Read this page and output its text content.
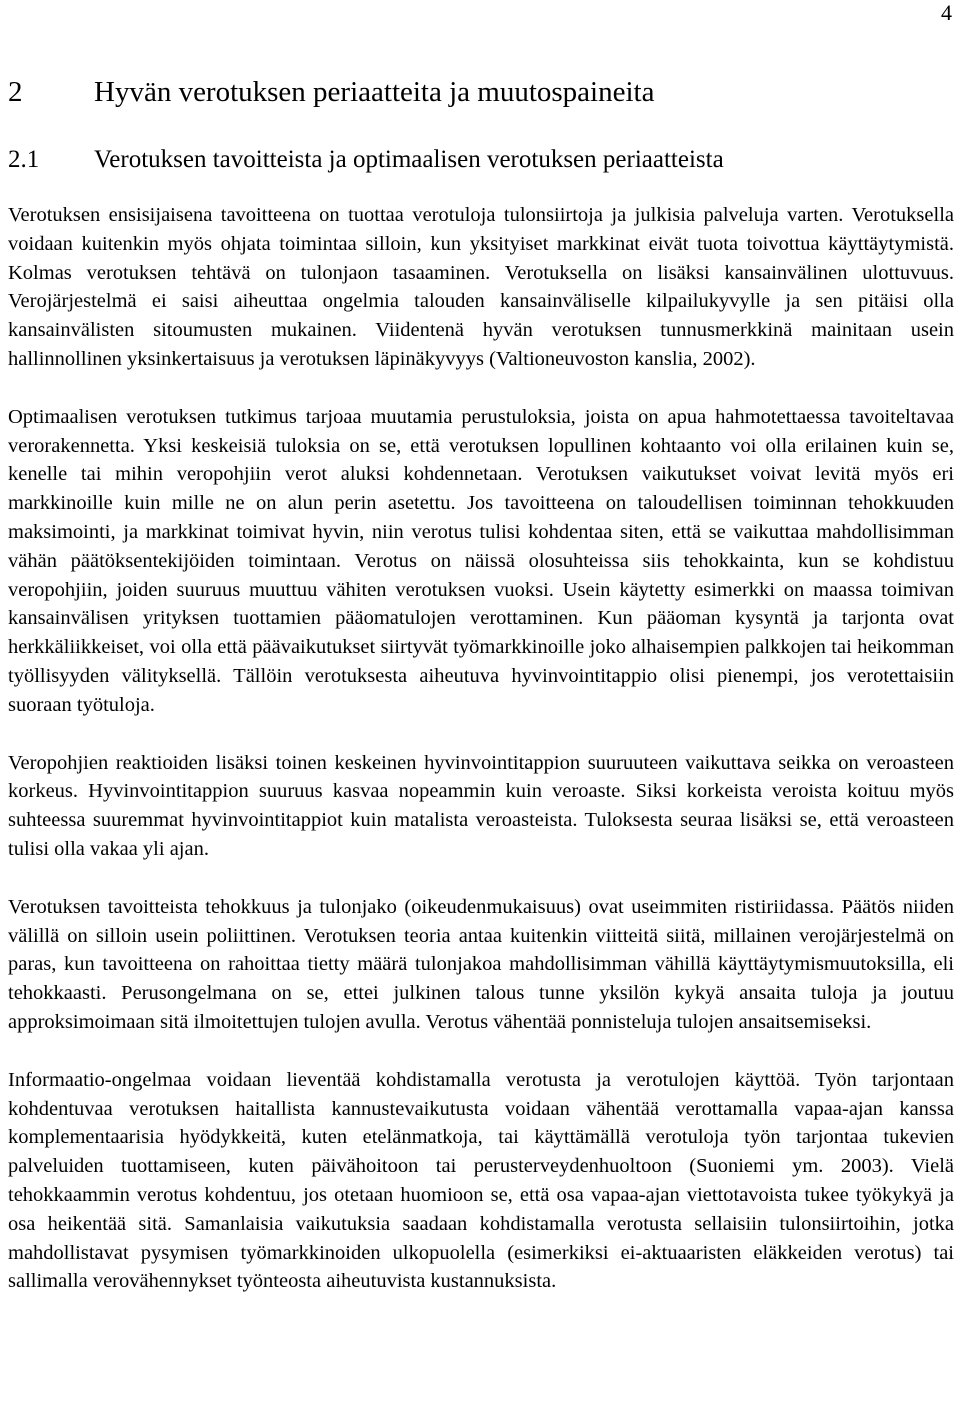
4
2 Hyvän verotuksen periaatteita ja muutospaineita
2.1 Verotuksen tavoitteista ja optimaalisen verotuksen periaatteista

Verotuksen ensisijaisena tavoitteena on tuottaa verotuloja tulonsiirtoja ja julkisia palveluja varten. Verotuksella voidaan kuitenkin myös ohjata toimintaa silloin, kun yksityiset markkinat eivät tuota toivottua käyttäytymistä. Kolmas verotuksen tehtävä on tulonjaon tasaaminen. Verotuksella on lisäksi kansainvälinen ulottuvuus. Verojärjestelmä ei saisi aiheuttaa ongelmia talouden kansainväliselle kilpailukyvylle ja sen pitäisi olla kansainvälisten sitoumusten mukainen. Viidentenä hyvän verotuksen tunnusmerkkinä mainitaan usein hallinnollinen yksinkertaisuus ja verotuksen läpinäkyvyys (Valtioneuvoston kanslia, 2002).

Optimaalisen verotuksen tutkimus tarjoaa muutamia perustuloksia, joista on apua hahmotettaessa tavoiteltavaa verorakennetta. Yksi keskeisiä tuloksia on se, että verotuksen lopullinen kohtaanto voi olla erilainen kuin se, kenelle tai mihin veropohjiin verot aluksi kohdennetaan. Verotuksen vaikutukset voivat levitä myös eri markkinoille kuin mille ne on alun perin asetettu. Jos tavoitteena on taloudellisen toiminnan tehokkuuden maksimointi, ja markkinat toimivat hyvin, niin verotus tulisi kohdentaa siten, että se vaikuttaa mahdollisimman vähän päätöksentekijöiden toimintaan. Verotus on näissä olosuhteissa siis tehokkainta, kun se kohdistuu veropohjiin, joiden suuruus muuttuu vähiten verotuksen vuoksi. Usein käytetty esimerkki on maassa toimivan kansainvälisen yrityksen tuottamien pääomatulojen verottaminen. Kun pääoman kysyntä ja tarjonta ovat herkkäliikkeiset, voi olla että päävaikutukset siirtyvät työmarkkinoille joko alhaisempien palkkojen tai heikomman työllisyyden välityksellä. Tällöin verotuksesta aiheutuva hyvinvointitappio olisi pienempi, jos verotettaisiin suoraan työtuloja.

Veropohjien reaktioiden lisäksi toinen keskeinen hyvinvointitappion suuruuteen vaikuttava seikka on veroasteen korkeus. Hyvinvointitappion suuruus kasvaa nopeammin kuin veroaste. Siksi korkeista veroista koituu myös suhteessa suuremmat hyvinvointitappiot kuin matalista veroasteista. Tuloksesta seuraa lisäksi se, että veroasteen tulisi olla vakaa yli ajan.

Verotuksen tavoitteista tehokkuus ja tulonjako (oikeudenmukaisuus) ovat useimmiten ristiriidassa. Päätös niiden välillä on silloin usein poliittinen. Verotuksen teoria antaa kuitenkin viitteitä siitä, millainen verojärjestelmä on paras, kun tavoitteena on rahoittaa tietty määrä tulonjakoa mahdollisimman vähillä käyttäytymismuutoksilla, eli tehokkaasti. Perusongelmana on se, ettei julkinen talous tunne yksilön kykyä ansaita tuloja ja joutuu approksimoimaan sitä ilmoitettujen tulojen avulla. Verotus vähentää ponnisteluja tulojen ansaitsemiseksi.

Informaatio-ongelmaa voidaan lieventää kohdistamalla verotusta ja verotulojen käyttöä. Työn tarjontaan kohdentuvaa verotuksen haitallista kannustevaikutusta voidaan vähentää verottamalla vapaa-ajan kanssa komplementaarisia hyödykkeitä, kuten etelänmatkoja, tai käyttämällä verotuloja työn tarjontaa tukevien palveluiden tuottamiseen, kuten päivähoitoon tai perusterveydenhuoltoon (Suoniemi ym. 2003). Vielä tehokkaammin verotus kohdentuu, jos otetaan huomioon se, että osa vapaa-ajan viettotavoista tukee työkykyä ja osa heikentää sitä. Samanlaisia vaikutuksia saadaan kohdistamalla verotusta sellaisiin tulonsiirtoihin, jotka mahdollistavat pysymisen työmarkkinoiden ulkopuolella (esimerkiksi ei-aktuaaristen eläkkeiden verotus) tai sallimalla verovähennykset työnteosta aiheutuvista kustannuksista.
